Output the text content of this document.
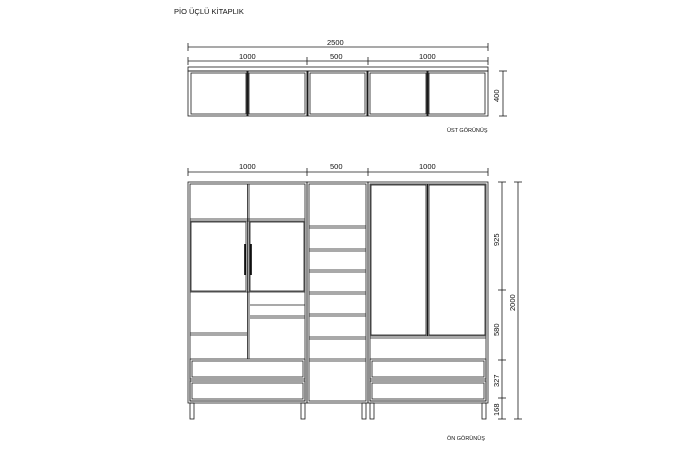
PİO ÜÇLÜ KİTAPLIK
2500
1000	500	1000
400
ÜST GÖRÜNÜŞ
1000	500	1000
925
580
327
168
2000
ÖN GÖRÜNÜŞ
